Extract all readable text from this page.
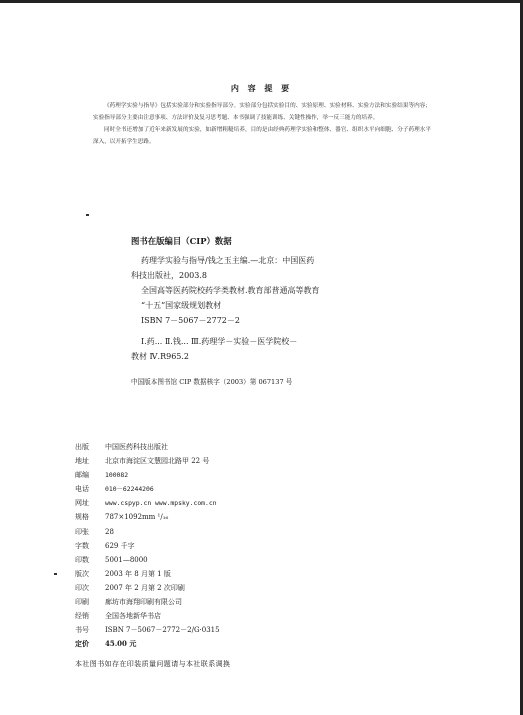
内 容 提 要

《药理学实验与指导》包括实验部分和实验指导部分。实验部分包括实验目的、实验原理、实验材料、实验方法和实验结果等内容；实验指导部分主要由注意事项、方法评价及复习思考题、本书强调了技能训练、关键性操作，举一反三能力的培养。

同时全书还增加了近年来新发展的实验，如新增粗糙培养，目的是由经典药理学实验和整体、器官、组织水平向细胞、分子药理水平深入，以开拓学生思路。

图书在版编目（CIP）数据
药理学实验与指导/钱之玉主编.—北京：中国医药
科技出版社，2003.8
全国高等医药院校药学类教材.教育部普通高等教育
“十五”国家级规划教材
ISBN 7－5067－2772－2
Ⅰ.药... Ⅱ.钱... Ⅲ.药理学－实验－医学院校－
教材 Ⅳ.R965.2
中国版本图书馆 CIP 数据核字（2003）第 067137 号
出版	中国医药科技出版社
地址	北京市海淀区文慧园北路甲 22 号
邮编	100082
电话	010－62244206
网址	www.cspyp.cn www.mpsky.com.cn
规格	787×1092mm ¹/₁₆
印张	28
字数	629 千字
印数	5001—8000
版次	2003 年 8 月第 1 版
印次	2007 年 2 月第 2 次印刷
印刷	廊坊市海翔印刷有限公司
经销	全国各地新华书店
书号	ISBN 7－5067－2772－2/G·0315
定价	45.00 元
本社图书如存在印装质量问题请与本社联系调换
